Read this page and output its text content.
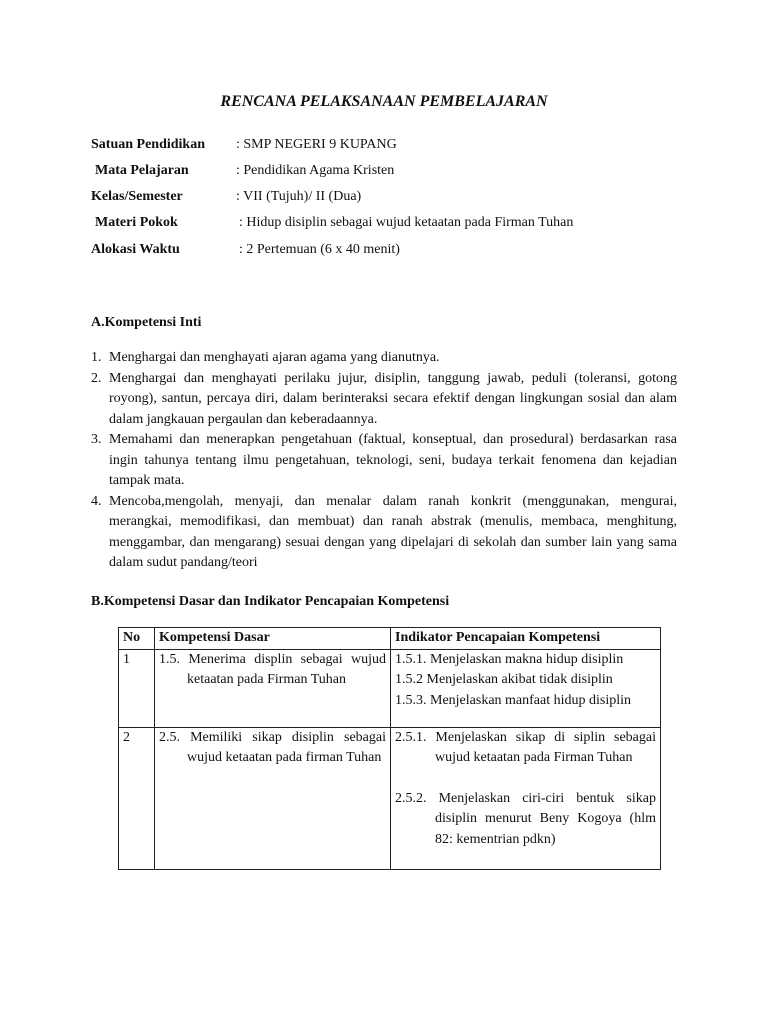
RENCANA PELAKSANAAN PEMBELAJARAN
Satuan Pendidikan : SMP NEGERI 9 KUPANG
Mata Pelajaran	: Pendidikan Agama Kristen
Kelas/Semester	: VII (Tujuh)/ II (Dua)
Materi Pokok	: Hidup disiplin sebagai wujud ketaatan pada Firman Tuhan
Alokasi Waktu	: 2 Pertemuan (6 x 40 menit)
A.Kompetensi Inti
1. Menghargai dan menghayati ajaran agama yang dianutnya.
2. Menghargai dan menghayati perilaku jujur, disiplin, tanggung jawab, peduli (toleransi, gotong royong), santun, percaya diri, dalam berinteraksi secara efektif dengan lingkungan sosial dan alam dalam jangkauan pergaulan dan keberadaannya.
3. Memahami dan menerapkan pengetahuan (faktual, konseptual, dan prosedural) berdasarkan rasa ingin tahunya tentang ilmu pengetahuan, teknologi, seni, budaya terkait fenomena dan kejadian tampak mata.
4. Mencoba,mengolah, menyaji, dan menalar dalam ranah konkrit (menggunakan, mengurai, merangkai, memodifikasi, dan membuat) dan ranah abstrak (menulis, membaca, menghitung, menggambar, dan mengarang) sesuai dengan yang dipelajari di sekolah dan sumber lain yang sama dalam sudut pandang/teori
B.Kompetensi Dasar dan Indikator Pencapaian Kompetensi
No	Kompetensi Dasar	Indikator Pencapaian Kompetensi
1	1.5. Menerima displin sebagai wujud ketaatan pada Firman Tuhan	1.5.1. Menjelaskan makna hidup disiplin
1.5.2 Menjelaskan akibat tidak disiplin
1.5.3. Menjelaskan manfaat hidup disiplin

2	2.5. Memiliki sikap disiplin sebagai wujud ketaatan pada firman Tuhan	2.5.1. Menjelaskan sikap di siplin sebagai wujud ketaatan pada Firman Tuhan
2.5.2. Menjelaskan ciri-ciri bentuk sikap disiplin menurut Beny Kogoya (hlm 82: kementrian pdkn)
